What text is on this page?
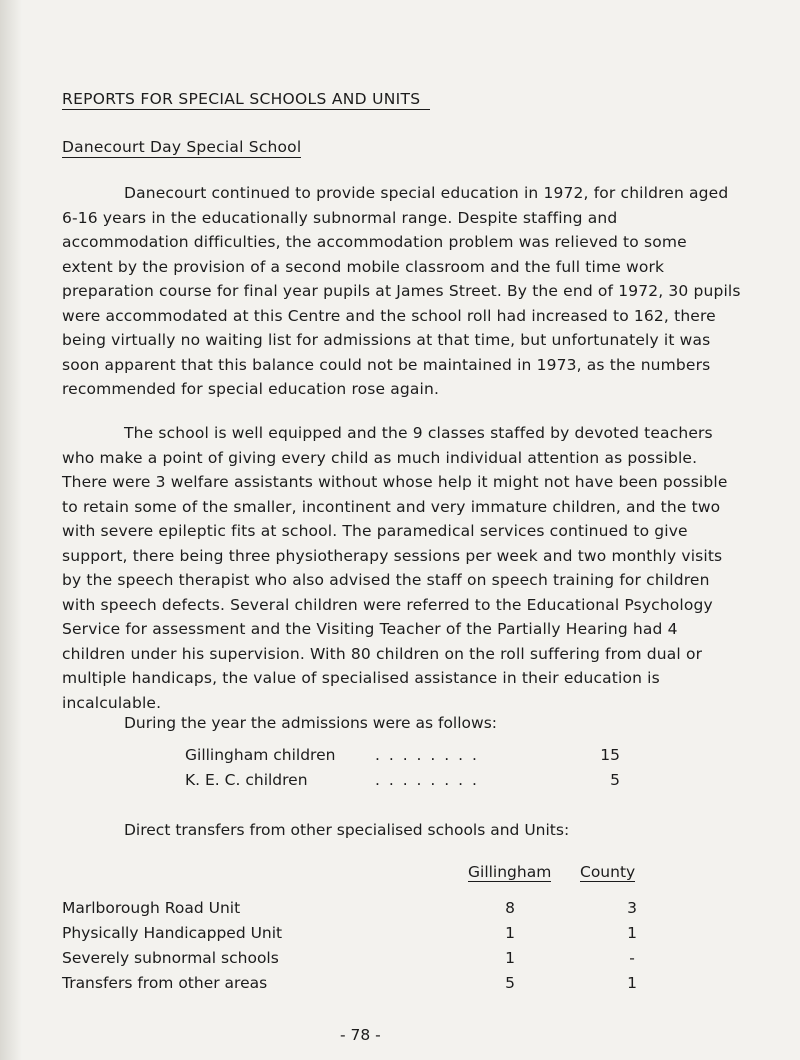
REPORTS FOR SPECIAL SCHOOLS AND UNITS
Danecourt Day Special School

Danecourt continued to provide special education in 1972, for children aged 6-16 years in the educationally subnormal range. Despite staffing and accommodation difficulties, the accommodation problem was relieved to some extent by the provision of a second mobile classroom and the full time work preparation course for final year pupils at James Street. By the end of 1972, 30 pupils were accommodated at this Centre and the school roll had increased to 162, there being virtually no waiting list for admissions at that time, but unfortunately it was soon apparent that this balance could not be maintained in 1973, as the numbers recommended for special education rose again.

The school is well equipped and the 9 classes staffed by devoted teachers who make a point of giving every child as much individual attention as possible. There were 3 welfare assistants without whose help it might not have been possible to retain some of the smaller, incontinent and very immature children, and the two with severe epileptic fits at school. The paramedical services continued to give support, there being three physiotherapy sessions per week and two monthly visits by the speech therapist who also advised the staff on speech training for children with speech defects. Several children were referred to the Educational Psychology Service for assessment and the Visiting Teacher of the Partially Hearing had 4 children under his supervision. With 80 children on the roll suffering from dual or multiple handicaps, the value of specialised assistance in their education is incalculable.

During the year the admissions were as follows:
Gillingham children	. . . . . . . .	15
K. E. C. children	. . . . . . . .	5
Direct transfers from other specialised schools and Units:
Gillingham County
Marlborough Road Unit	8	3
Physically Handicapped Unit	1	1
Severely subnormal schools	1	-
Transfers from other areas	5	1
- 78 -
